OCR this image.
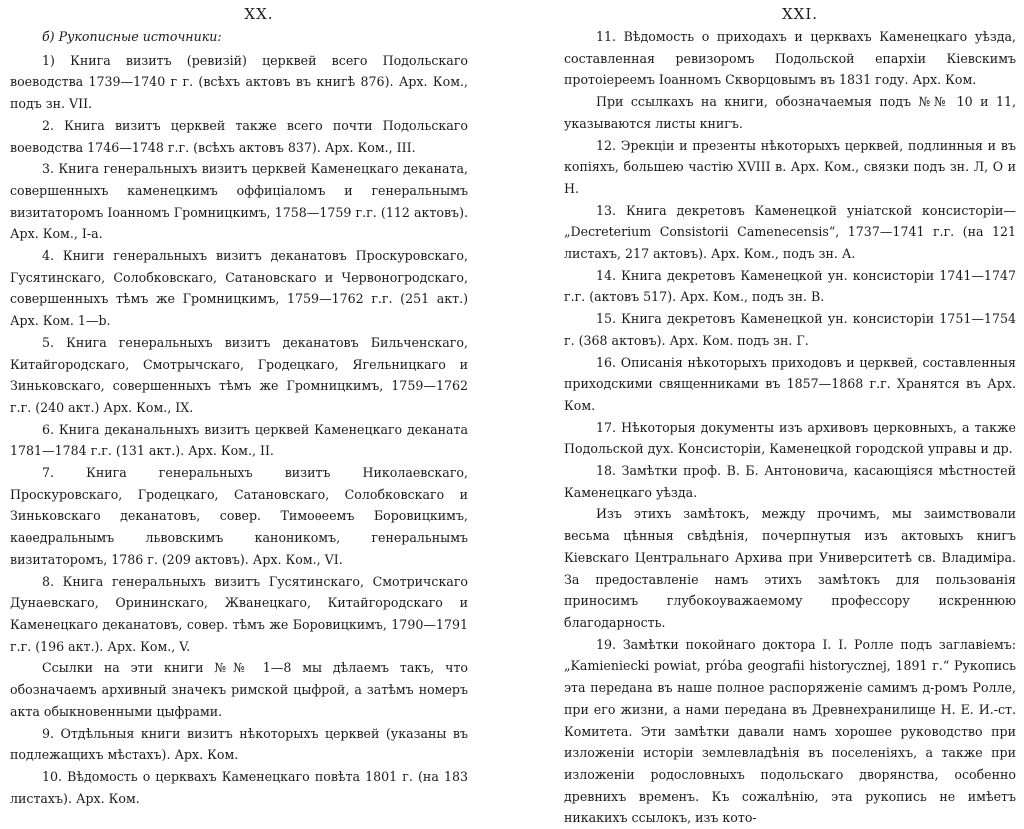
XX.

б) Рукописные источники:

1) Книга визитъ (ревизій) церквей всего Подольскаго воеводства 1739—1740 г г. (всѣхъ актовъ въ книгѣ 876). Арх. Ком., подъ зн. VII.

2. Книга визитъ церквей также всего почти Подольскаго воеводства 1746—1748 г.г. (всѣхъ актовъ 837). Арх. Ком., III.

3. Книга генеральныхъ визитъ церквей Каменецкаго деканата, совершенныхъ каменецкимъ оффиціаломъ и генеральнымъ визитаторомъ Іоанномъ Громницкимъ, 1758—1759 г.г. (112 актовъ). Арх. Ком., I-a.

4. Книги генеральныхъ визитъ деканатовъ Проскуровскаго, Гусятинскаго, Солобковскаго, Сатановскаго и Червоногродскаго, совершенныхъ тѣмъ же Громницкимъ, 1759—1762 г.г. (251 акт.) Арх. Ком. 1—b.

5. Книга генеральныхъ визитъ деканатовъ Бильченскаго, Китайгородскаго, Смотрычскаго, Гродецкаго, Ягельницкаго и Зиньковскаго, совершенныхъ тѣмъ же Громницкимъ, 1759—1762 г.г. (240 акт.) Арх. Ком., IX.

6. Книга деканальныхъ визитъ церквей Каменецкаго деканата 1781—1784 г.г. (131 акт.). Арх. Ком., II.

7. Книга генеральныхъ визитъ Николаевскаго, Проскуровскаго, Гродецкаго, Сатановскаго, Солобковскаго и Зиньковскаго деканатовъ, совер. Тимоѳеемъ Боровицкимъ, каѳедральнымъ львовскимъ каноникомъ, генеральнымъ визитаторомъ, 1786 г. (209 актовъ). Арх. Ком., VI.

8. Книга генеральныхъ визитъ Гусятинскаго, Смотричскаго Дунаевскаго, Орининскаго, Жванецкаго, Китайгородскаго и Каменецкаго деканатовъ, совер. тѣмъ же Боровицкимъ, 1790—1791 г.г. (196 акт.). Арх. Ком., V.

Ссылки на эти книги №№ 1—8 мы дѣлаемъ такъ, что обозначаемъ архивный значекъ римской цыфрой, а затѣмъ номеръ акта обыкновенными цыфрами.

9. Отдѣльныя книги визитъ нѣкоторыхъ церквей (указаны въ подлежащихъ мѣстахъ). Арх. Ком.

10. Вѣдомость о церквахъ Каменецкаго повѣта 1801 г. (на 183 листахъ). Арх. Ком.

XXI.

11. Вѣдомость о приходахъ и церквахъ Каменецкаго уѣзда, составленная ревизоромъ Подольской епархіи Кіевскимъ протоіереемъ Іоанномъ Скворцовымъ въ 1831 году. Арх. Ком.

При ссылкахъ на книги, обозначаемыя подъ №№ 10 и 11, указываются листы книгъ.

12. Эрекціи и презенты нѣкоторыхъ церквей, подлинныя и въ копіяхъ, большею частію XVIII в. Арх. Ком., связки подъ зн. Л, О и Н.

13. Книга декретовъ Каменецкой уніатской консисторіи—„Decreterium Consistorii Camenecensis“, 1737—1741 г.г. (на 121 листахъ, 217 актовъ). Арх. Ком., подъ зн. А.

14. Книга декретовъ Каменецкой ун. консисторіи 1741—1747 г.г. (актовъ 517). Арх. Ком., подъ зн. В.

15. Книга декретовъ Каменецкой ун. консисторіи 1751—1754 г. (368 актовъ). Арх. Ком. подъ зн. Г.

16. Описанія нѣкоторыхъ приходовъ и церквей, составленныя приходскими священниками въ 1857—1868 г.г. Хранятся въ Арх. Ком.

17. Нѣкоторыя документы изъ архивовъ церковныхъ, а также Подольской дух. Консисторіи, Каменецкой городской управы и др.

18. Замѣтки проф. В. Б. Антоновича, касающіяся мѣстностей Каменецкаго уѣзда.

Изъ этихъ замѣтокъ, между прочимъ, мы заимствовали весьма цѣнныя свѣдѣнія, почерпнутыя изъ актовыхъ книгъ Кіевскаго Центральнаго Архива при Университетѣ св. Владиміра. За предоставленіе намъ этихъ замѣтокъ для пользованія приносимъ глубокоуважаемому профессору искреннюю благодарность.

19. Замѣтки покойнаго доктора І. І. Ролле подъ заглавіемъ: „Kamieniecki powiat, próba geografii historycznej, 1891 г.“ Рукопись эта передана въ наше полное распоряженіе самимъ д-ромъ Ролле, при его жизни, а нами передана въ Древнехранилище Н. Е. И.-ст. Комитета. Эти замѣтки давали намъ хорошее руководство при изложеніи исторіи землевладѣнія въ поселеніяхъ, а также при изложеніи родословныхъ подольскаго дворянства, особенно древнихъ временъ. Къ сожалѣнію, эта рукопись не имѣетъ никакихъ ссылокъ, изъ кото-
